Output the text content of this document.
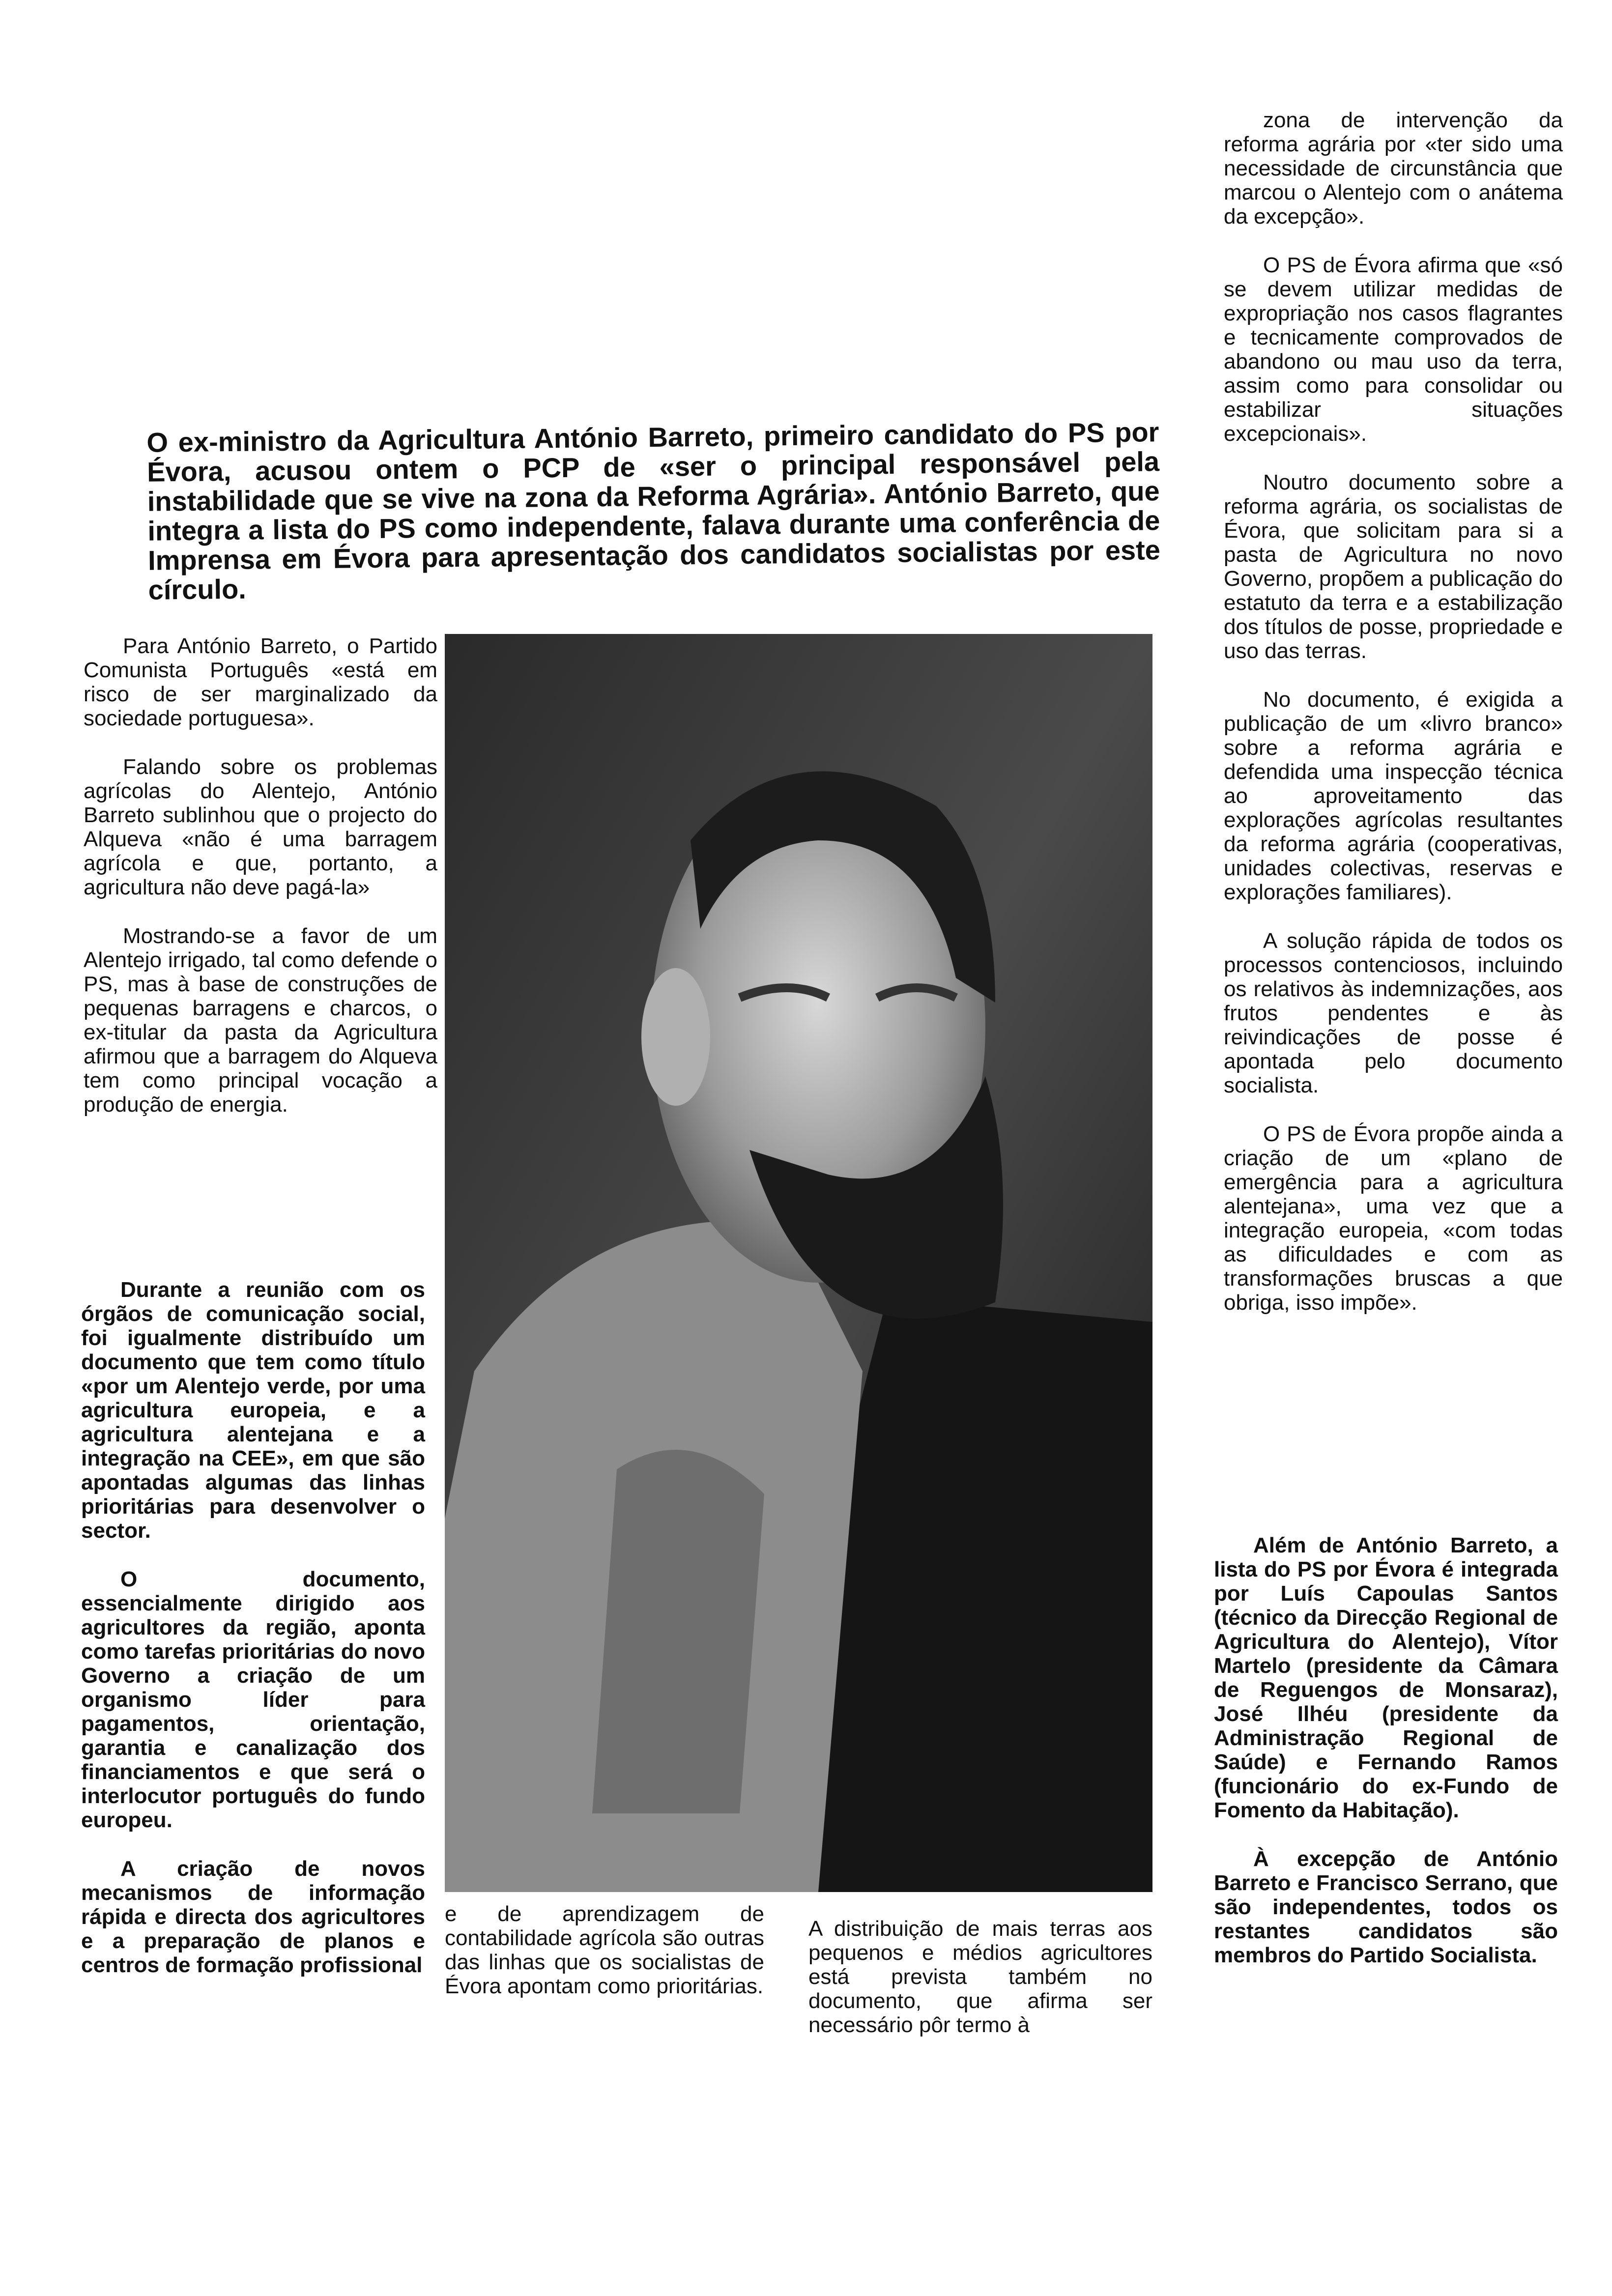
O ex-ministro da Agricultura António Barreto, primeiro candidato do PS por Évora, acusou ontem o PCP de «ser o principal responsável pela instabilidade que se vive na zona da Reforma Agrária». António Barreto, que integra a lista do PS como independente, falava durante uma conferência de Imprensa em Évora para apresentação dos candidatos socialistas por este círculo.

Para António Barreto, o Partido Comunista Português «está em risco de ser marginalizado da sociedade portuguesa».

Falando sobre os problemas agrícolas do Alentejo, António Barreto sublinhou que o projecto do Alqueva «não é uma barragem agrícola e que, portanto, a agricultura não deve pagá-la»

Mostrando-se a favor de um Alentejo irrigado, tal como defende o PS, mas à base de construções de pequenas barragens e charcos, o ex-titular da pasta da Agricultura afirmou que a barragem do Alqueva tem como principal vocação a produção de energia.

Durante a reunião com os órgãos de comunicação social, foi igualmente distribuído um documento que tem como título «por um Alentejo verde, por uma agricultura europeia, e a agricultura alentejana e a integração na CEE», em que são apontadas algumas das linhas prioritárias para desenvolver o sector.

O documento, essencialmente dirigido aos agricultores da região, aponta como tarefas prioritárias do novo Governo a criação de um organismo líder para pagamentos, orientação, garantia e canalização dos financiamentos e que será o interlocutor português do fundo europeu.

A criação de novos mecanismos de informação rápida e directa dos agricultores e a preparação de planos e centros de formação profissional

e de aprendizagem de contabilidade agrícola são outras das linhas que os socialistas de Évora apontam como prioritárias.
A distribuição de mais terras aos pequenos e médios agricultores está prevista também no documento, que afirma ser necessário pôr termo à

zona de intervenção da reforma agrária por «ter sido uma necessidade de circunstância que marcou o Alentejo com o anátema da excepção».

O PS de Évora afirma que «só se devem utilizar medidas de expropriação nos casos flagrantes e tecnicamente comprovados de abandono ou mau uso da terra, assim como para consolidar ou estabilizar situações excepcionais».

Noutro documento sobre a reforma agrária, os socialistas de Évora, que solicitam para si a pasta de Agricultura no novo Governo, propõem a publicação do estatuto da terra e a estabilização dos títulos de posse, propriedade e uso das terras.

No documento, é exigida a publicação de um «livro branco» sobre a reforma agrária e defendida uma inspecção técnica ao aproveitamento das explorações agrícolas resultantes da reforma agrária (cooperativas, unidades colectivas, reservas e explorações familiares).

A solução rápida de todos os processos contenciosos, incluindo os relativos às indemnizações, aos frutos pendentes e às reivindicações de posse é apontada pelo documento socialista.

O PS de Évora propõe ainda a criação de um «plano de emergência para a agricultura alentejana», uma vez que a integração europeia, «com todas as dificuldades e com as transformações bruscas a que obriga, isso impõe».

Além de António Barreto, a lista do PS por Évora é integrada por Luís Capoulas Santos (técnico da Direcção Regional de Agricultura do Alentejo), Vítor Martelo (presidente da Câmara de Reguengos de Monsaraz), José Ilhéu (presidente da Administração Regional de Saúde) e Fernando Ramos (funcionário do ex-Fundo de Fomento da Habitação).

À excepção de António Barreto e Francisco Serrano, que são independentes, todos os restantes candidatos são membros do Partido Socialista.
